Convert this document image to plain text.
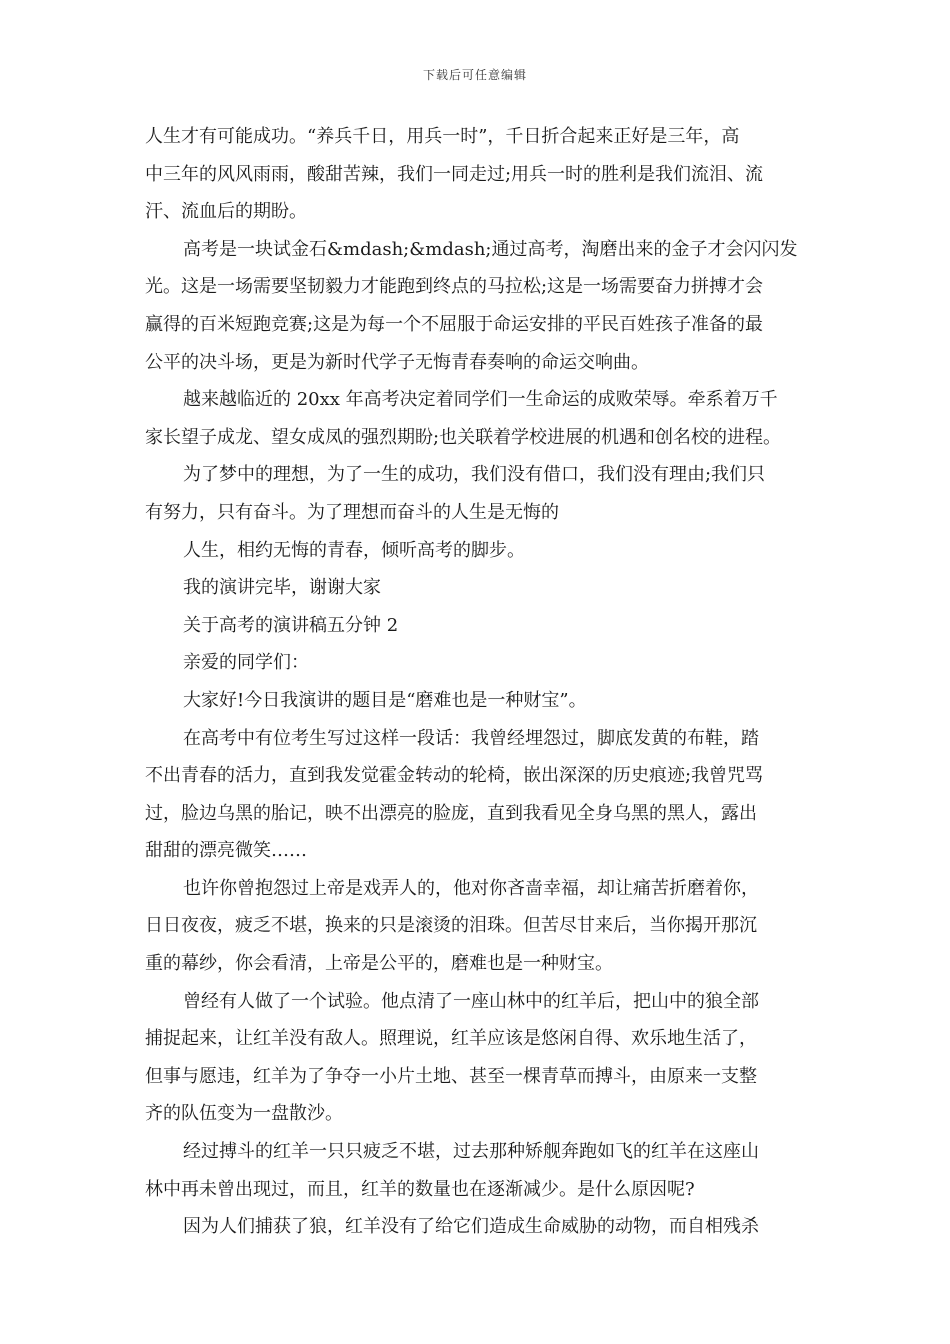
下载后可任意编辑
人生才有可能成功。“养兵千日，用兵一时”，千日折合起来正好是三年，高
中三年的风风雨雨，酸甜苦辣，我们一同走过;用兵一时的胜利是我们流泪、流
汗、流血后的期盼。
高考是一块试金石&mdash;&mdash;通过高考，淘磨出来的金子才会闪闪发
光。这是一场需要坚韧毅力才能跑到终点的马拉松;这是一场需要奋力拼搏才会
赢得的百米短跑竞赛;这是为每一个不屈服于命运安排的平民百姓孩子准备的最
公平的决斗场，更是为新时代学子无悔青春奏响的命运交响曲。
越来越临近的 20xx 年高考决定着同学们一生命运的成败荣辱。牵系着万千
家长望子成龙、望女成凤的强烈期盼;也关联着学校进展的机遇和创名校的进程。
为了梦中的理想，为了一生的成功，我们没有借口，我们没有理由;我们只
有努力，只有奋斗。为了理想而奋斗的人生是无悔的
人生，相约无悔的青春，倾听高考的脚步。
我的演讲完毕，谢谢大家
关于高考的演讲稿五分钟 2
亲爱的同学们：
大家好!今日我演讲的题目是“磨难也是一种财宝”。
在高考中有位考生写过这样一段话：我曾经埋怨过，脚底发黄的布鞋，踏
不出青春的活力，直到我发觉霍金转动的轮椅，嵌出深深的历史痕迹;我曾咒骂
过，脸边乌黑的胎记，映不出漂亮的脸庞，直到我看见全身乌黑的黑人，露出
甜甜的漂亮微笑……
也许你曾抱怨过上帝是戏弄人的，他对你吝啬幸福，却让痛苦折磨着你，
日日夜夜，疲乏不堪，换来的只是滚烫的泪珠。但苦尽甘来后，当你揭开那沉
重的幕纱，你会看清，上帝是公平的，磨难也是一种财宝。
曾经有人做了一个试验。他点清了一座山林中的红羊后，把山中的狼全部
捕捉起来，让红羊没有敌人。照理说，红羊应该是悠闲自得、欢乐地生活了，
但事与愿违，红羊为了争夺一小片土地、甚至一棵青草而搏斗，由原来一支整
齐的队伍变为一盘散沙。
经过搏斗的红羊一只只疲乏不堪，过去那种矫舰奔跑如飞的红羊在这座山
林中再未曾出现过，而且，红羊的数量也在逐渐减少。是什么原因呢?
因为人们捕获了狼，红羊没有了给它们造成生命威胁的动物，而自相残杀
